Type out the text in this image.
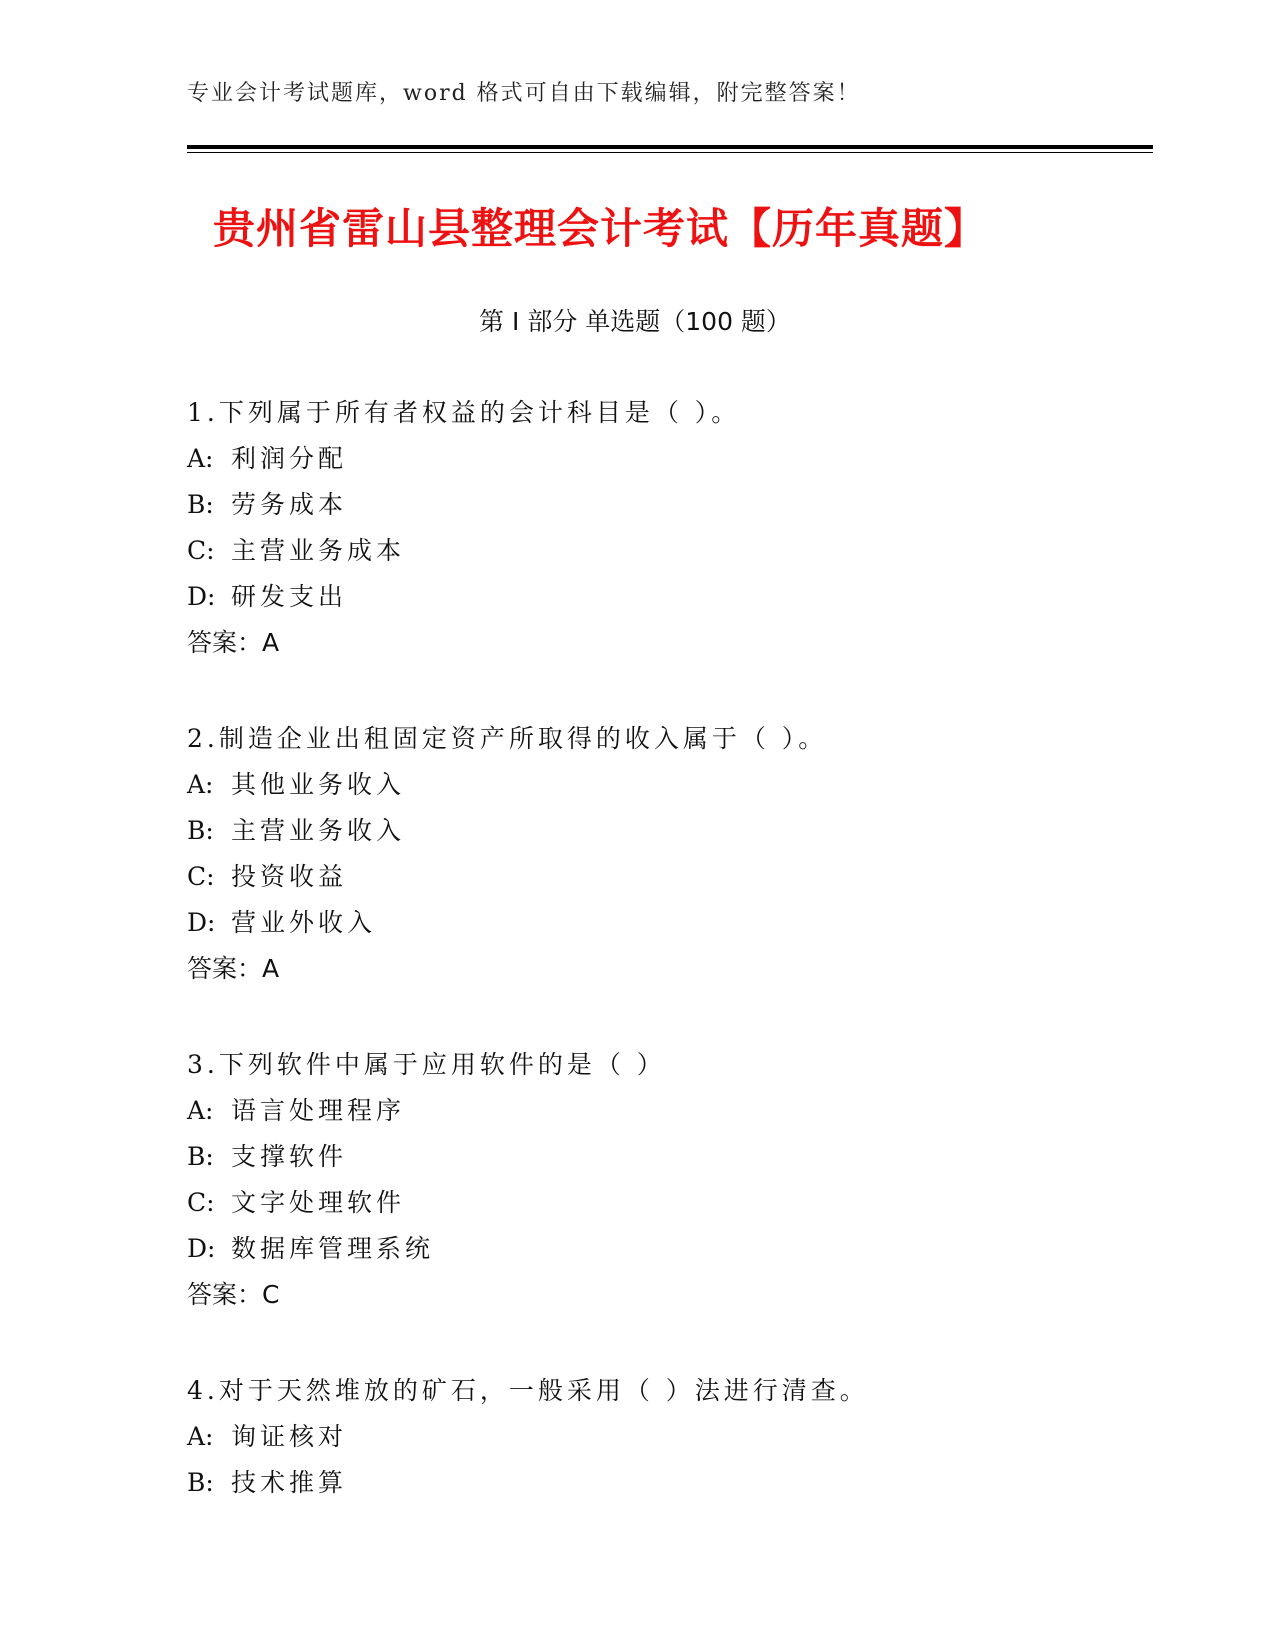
专业会计考试题库，word 格式可自由下载编辑，附完整答案！
贵州省雷山县整理会计考试【历年真题】
第 I 部分 单选题（100 题）
1.下列属于所有者权益的会计科目是（ ）。
A: 利润分配
B: 劳务成本
C: 主营业务成本
D: 研发支出
答案：A
2.制造企业出租固定资产所取得的收入属于（ ）。
A: 其他业务收入
B: 主营业务收入
C: 投资收益
D: 营业外收入
答案：A
3.下列软件中属于应用软件的是（ ）
A: 语言处理程序
B: 支撑软件
C: 文字处理软件
D: 数据库管理系统
答案：C
4.对于天然堆放的矿石，一般采用（ ）法进行清查。
A: 询证核对
B: 技术推算
